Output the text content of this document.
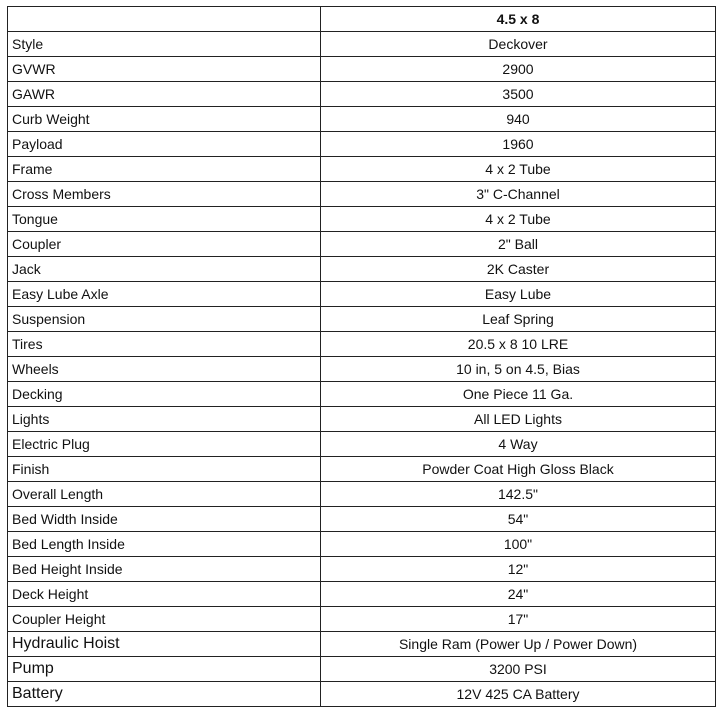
	4.5 x 8
Style	Deckover
GVWR	2900
GAWR	3500
Curb Weight	940
Payload	1960
Frame	4 x 2 Tube
Cross Members	3" C-Channel
Tongue	4 x 2 Tube
Coupler	2" Ball
Jack	2K Caster
Easy Lube Axle	Easy Lube
Suspension	Leaf Spring
Tires	20.5 x 8 10 LRE
Wheels	10 in, 5 on 4.5, Bias
Decking	One Piece 11 Ga.
Lights	All LED Lights
Electric Plug	4 Way
Finish	Powder Coat High Gloss Black
Overall Length	142.5"
Bed Width Inside	54"
Bed Length Inside	100"
Bed Height Inside	12"
Deck Height	24"
Coupler Height	17"
Hydraulic Hoist	Single Ram (Power Up / Power Down)
Pump	3200 PSI
Battery	12V 425 CA Battery
